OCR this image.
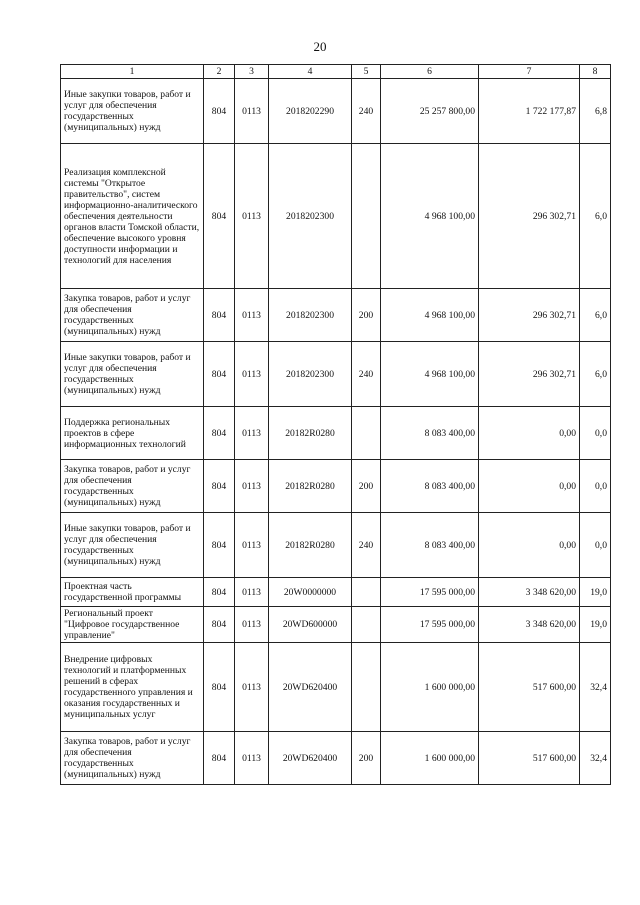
20
1	2	3	4	5	6	7	8
Иные закупки товаров, работ и услуг для обеспечения государственных (муниципальных) нужд	804	0113	2018202290	240	25 257 800,00	1 722 177,87	6,8
Реализация комплексной системы "Открытое правительство", систем информационно-аналитического обеспечения деятельности органов власти Томской области, обеспечение высокого уровня доступности информации и технологий для населения	804	0113	2018202300		4 968 100,00	296 302,71	6,0
Закупка товаров, работ и услуг для обеспечения государственных (муниципальных) нужд	804	0113	2018202300	200	4 968 100,00	296 302,71	6,0
Иные закупки товаров, работ и услуг для обеспечения государственных (муниципальных) нужд	804	0113	2018202300	240	4 968 100,00	296 302,71	6,0
Поддержка региональных проектов в сфере информационных технологий	804	0113	20182R0280		8 083 400,00	0,00	0,0
Закупка товаров, работ и услуг для обеспечения государственных (муниципальных) нужд	804	0113	20182R0280	200	8 083 400,00	0,00	0,0
Иные закупки товаров, работ и услуг для обеспечения государственных (муниципальных) нужд	804	0113	20182R0280	240	8 083 400,00	0,00	0,0
Проектная часть государственной программы	804	0113	20W0000000		17 595 000,00	3 348 620,00	19,0
Региональный проект "Цифровое государственное управление"	804	0113	20WD600000		17 595 000,00	3 348 620,00	19,0
Внедрение цифровых технологий и платформенных решений в сферах государственного управления и оказания государственных и муниципальных услуг	804	0113	20WD620400		1 600 000,00	517 600,00	32,4
Закупка товаров, работ и услуг для обеспечения государственных (муниципальных) нужд	804	0113	20WD620400	200	1 600 000,00	517 600,00	32,4
